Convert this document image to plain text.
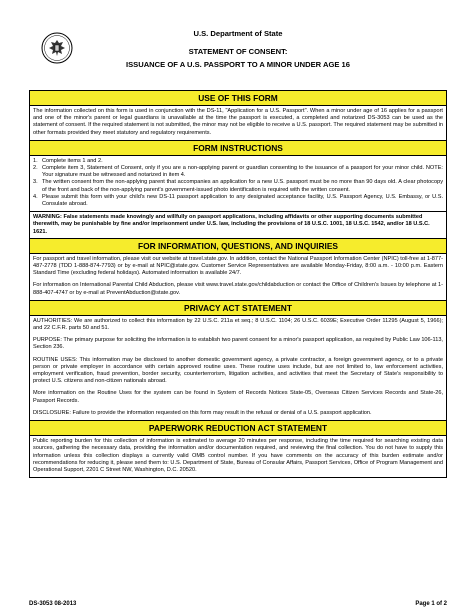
U.S. Department of State
STATEMENT OF CONSENT:
ISSUANCE OF A U.S. PASSPORT TO A MINOR UNDER AGE 16
USE OF THIS FORM

The information collected on this form is used in conjunction with the DS-11, "Application for a U.S. Passport". When a minor under age of 16 applies for a passport and one of the minor's parent or legal guardians is unavailable at the time the passport is executed, a completed and notarized DS-3053 can be used as the statement of consent. If the required statement is not submitted, the minor may not be eligible to receive a U.S. passport. The required statement may be submitted in other formats provided they meet statutory and regulatory requirements.

FORM INSTRUCTIONS
1. Complete items 1 and 2.
2. Complete item 3, Statement of Consent, only if you are a non-applying parent or guardian consenting to the issuance of a passport for your minor child. NOTE: Your signature must be witnessed and notarized in item 4.
3. The written consent from the non-applying parent that accompanies an application for a new U.S. passport must be no more than 90 days old. A clear photocopy of the front and back of the non-applying parent's government-issued photo identification is required with the written consent.
4. Please submit this form with your child's new DS-11 passport application to any designated acceptance facility, U.S. Passport Agency, U.S. Embassy, or U.S. Consulate abroad.
WARNING: False statements made knowingly and willfully on passport applications, including affidavits or other supporting documents submitted therewith, may be punishable by fine and/or imprisonment under U.S. law, including the provisions of 18 U.S.C. 1001, 18 U.S.C. 1542, and/or 18 U.S.C. 1621.
FOR INFORMATION, QUESTIONS, AND INQUIRIES

For passport and travel information, please visit our website at travel.state.gov. In addition, contact the National Passport Information Center (NPIC) toll-free at 1-877-487-2778 (TDD 1-888-874-7793) or by e-mail at NPIC@state.gov. Customer Service Representatives are available Monday-Friday, 8:00 a.m. - 10:00 p.m. Eastern Standard Time (excluding federal holidays). Automated information is available 24/7.

For information on International Parental Child Abduction, please visit www.travel.state.gov/childabduction or contact the Office of Children's Issues by telephone at 1-888-407-4747 or by e-mail at PreventAbduction@state.gov.

PRIVACY ACT STATEMENT

AUTHORITIES: We are authorized to collect this information by 22 U.S.C. 211a et seq.; 8 U.S.C. 1104; 26 U.S.C. 6039E; Executive Order 11295 (August 5, 1966); and 22 C.F.R. parts 50 and 51.

PURPOSE: The primary purpose for soliciting the information is to establish two parent consent for a minor's passport application, as required by Public Law 106-113, Section 236.

ROUTINE USES: This information may be disclosed to another domestic government agency, a private contractor, a foreign government agency, or to a private person or private employer in accordance with certain approved routine uses. These routine uses include, but are not limited to, law enforcement activities, employment verification, fraud prevention, border security, counterterrorism, litigation activities, and activities that meet the Secretary of State's responsibility to protect U.S. citizens and non-citizen nationals abroad.

More information on the Routine Uses for the system can be found in System of Records Notices State-05, Overseas Citizen Services Records and State-26, Passport Records.

DISCLOSURE: Failure to provide the information requested on this form may result in the refusal or denial of a U.S. passport application.

PAPERWORK REDUCTION ACT STATEMENT

Public reporting burden for this collection of information is estimated to average 20 minutes per response, including the time required for searching existing data sources, gathering the necessary data, providing the information and/or documentation required, and reviewing the final collection. You do not have to supply this information unless this collection displays a currently valid OMB control number. If you have comments on the accuracy of this burden estimate and/or recommendations for reducing it, please send them to: U.S. Department of State, Bureau of Consular Affairs, Passport Services, Office of Program Management and Operational Support, 2201 C Street NW, Washington, D.C. 20520.

DS-3053 08-2013	Page 1 of 2
